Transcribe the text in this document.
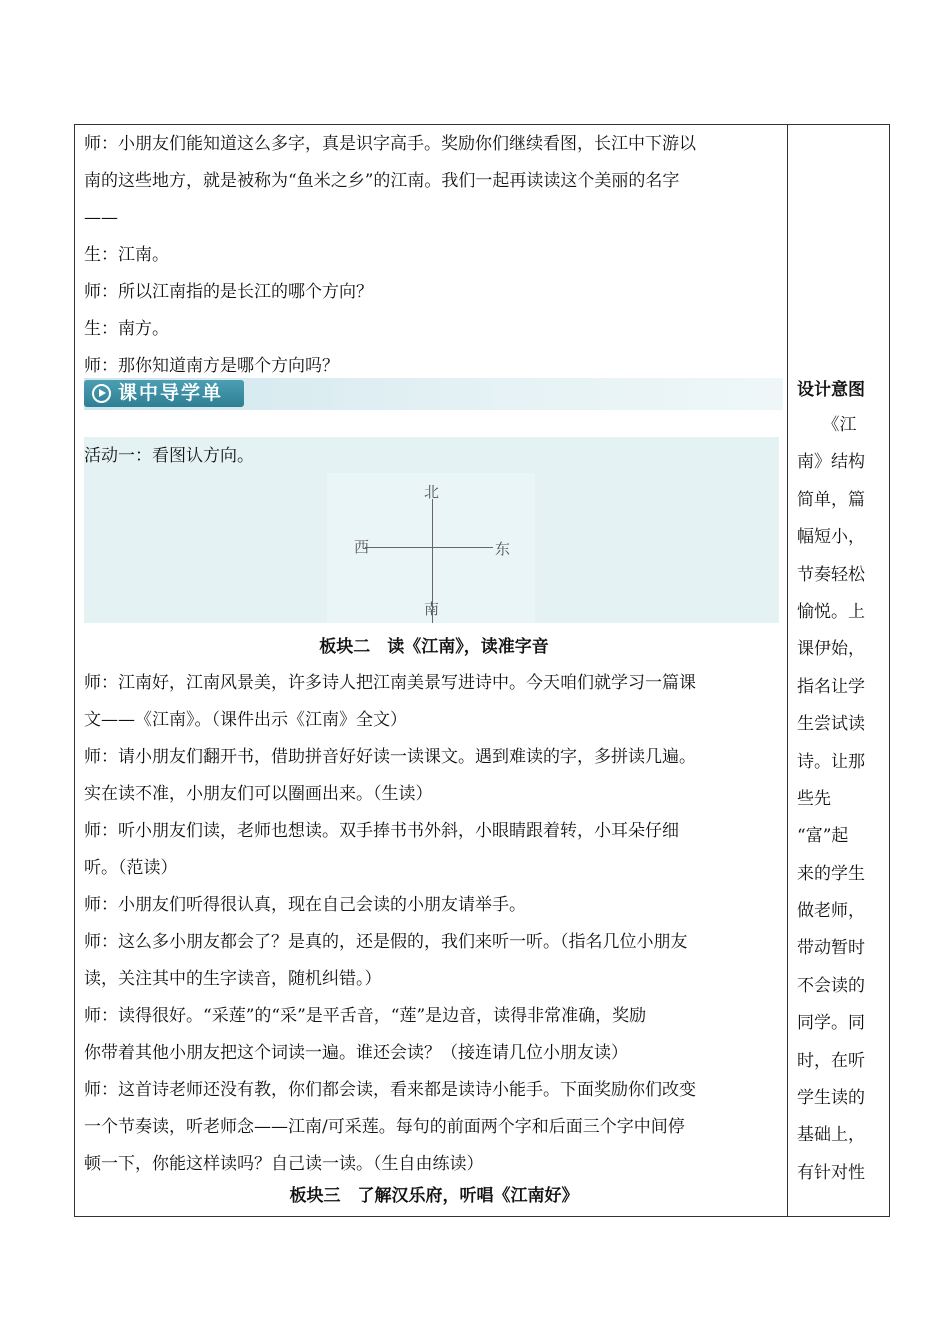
师：小朋友们能知道这么多字，真是识字高手。奖励你们继续看图，长江中下游以
南的这些地方，就是被称为“鱼米之乡”的江南。我们一起再读读这个美丽的名字
——
生：江南。
师：所以江南指的是长江的哪个方向？
生：南方。
师：那你知道南方是哪个方向吗？
课中导学单
活动一：看图认方向。
北
南
东
西
板块二　读《江南》，读准字音
师：江南好，江南风景美，许多诗人把江南美景写进诗中。今天咱们就学习一篇课
文——《江南》。（课件出示《江南》全文）
师：请小朋友们翻开书，借助拼音好好读一读课文。遇到难读的字，多拼读几遍。
实在读不准，小朋友们可以圈画出来。（生读）
师：听小朋友们读，老师也想读。双手捧书书外斜，小眼睛跟着转，小耳朵仔细
听。（范读）
师：小朋友们听得很认真，现在自己会读的小朋友请举手。
师：这么多小朋友都会了？是真的，还是假的，我们来听一听。（指名几位小朋友
读，关注其中的生字读音，随机纠错。）
师：读得很好。“采莲”的“采”是平舌音，“莲”是边音，读得非常准确，奖励
你带着其他小朋友把这个词读一遍。谁还会读？（接连请几位小朋友读）
师：这首诗老师还没有教，你们都会读，看来都是读诗小能手。下面奖励你们改变
一个节奏读，听老师念——江南/可采莲。每句的前面两个字和后面三个字中间停
顿一下，你能这样读吗？自己读一读。（生自由练读）
板块三　了解汉乐府，听唱《江南好》
设计意图
　　《江
南》结构
简单，篇
幅短小，
节奏轻松
愉悦。上
课伊始，
指名让学
生尝试读
诗。让那
些先
“富”起
来的学生
做老师，
带动暂时
不会读的
同学。同
时，在听
学生读的
基础上，
有针对性
